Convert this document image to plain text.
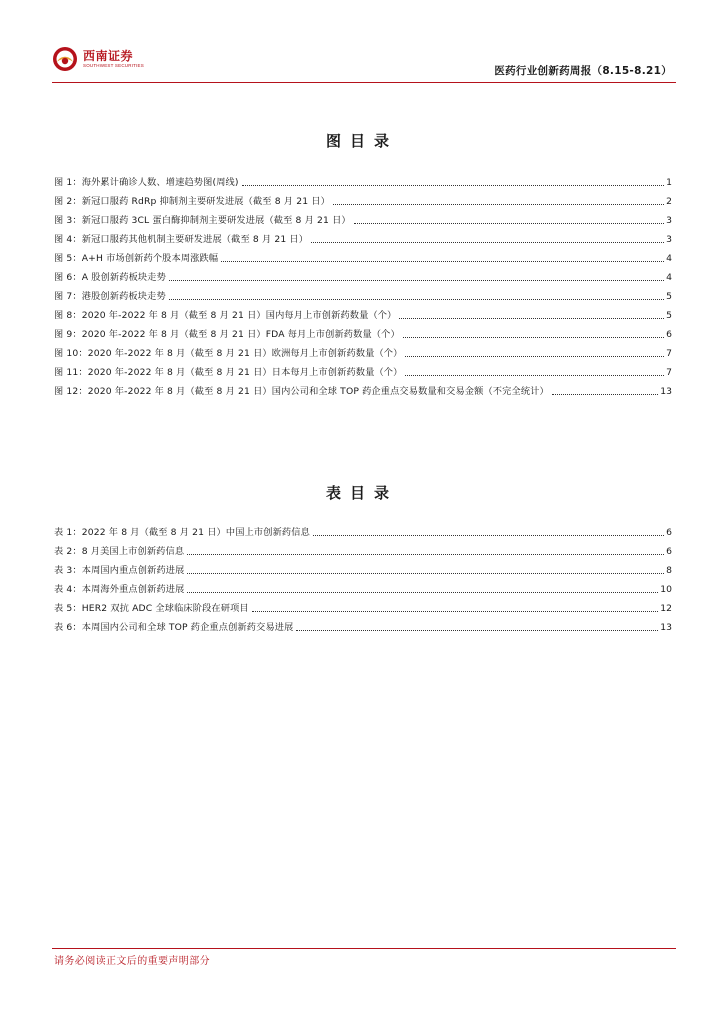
西南证券
SOUTHWEST SECURITIES	医药行业创新药周报（8.15-8.21）
图目录
图 1：海外累计确诊人数、增速趋势图(周线)	1
图 2：新冠口服药 RdRp 抑制剂主要研发进展（截至 8 月 21 日）	2
图 3：新冠口服药 3CL 蛋白酶抑制剂主要研发进展（截至 8 月 21 日）	3
图 4：新冠口服药其他机制主要研发进展（截至 8 月 21 日）	3
图 5：A+H 市场创新药个股本周涨跌幅	4
图 6：A 股创新药板块走势	4
图 7：港股创新药板块走势	5
图 8：2020 年-2022 年 8 月（截至 8 月 21 日）国内每月上市创新药数量（个）	5
图 9：2020 年-2022 年 8 月（截至 8 月 21 日）FDA 每月上市创新药数量（个）	6
图 10：2020 年-2022 年 8 月（截至 8 月 21 日）欧洲每月上市创新药数量（个）	7
图 11：2020 年-2022 年 8 月（截至 8 月 21 日）日本每月上市创新药数量（个）	7
图 12：2020 年-2022 年 8 月（截至 8 月 21 日）国内公司和全球 TOP 药企重点交易数量和交易金额（不完全统计）	13
表目录
表 1：2022 年 8 月（截至 8 月 21 日）中国上市创新药信息	6
表 2：8 月美国上市创新药信息	6
表 3：本周国内重点创新药进展	8
表 4：本周海外重点创新药进展	10
表 5：HER2 双抗 ADC 全球临床阶段在研项目	12
表 6：本周国内公司和全球 TOP 药企重点创新药交易进展	13
请务必阅读正文后的重要声明部分
